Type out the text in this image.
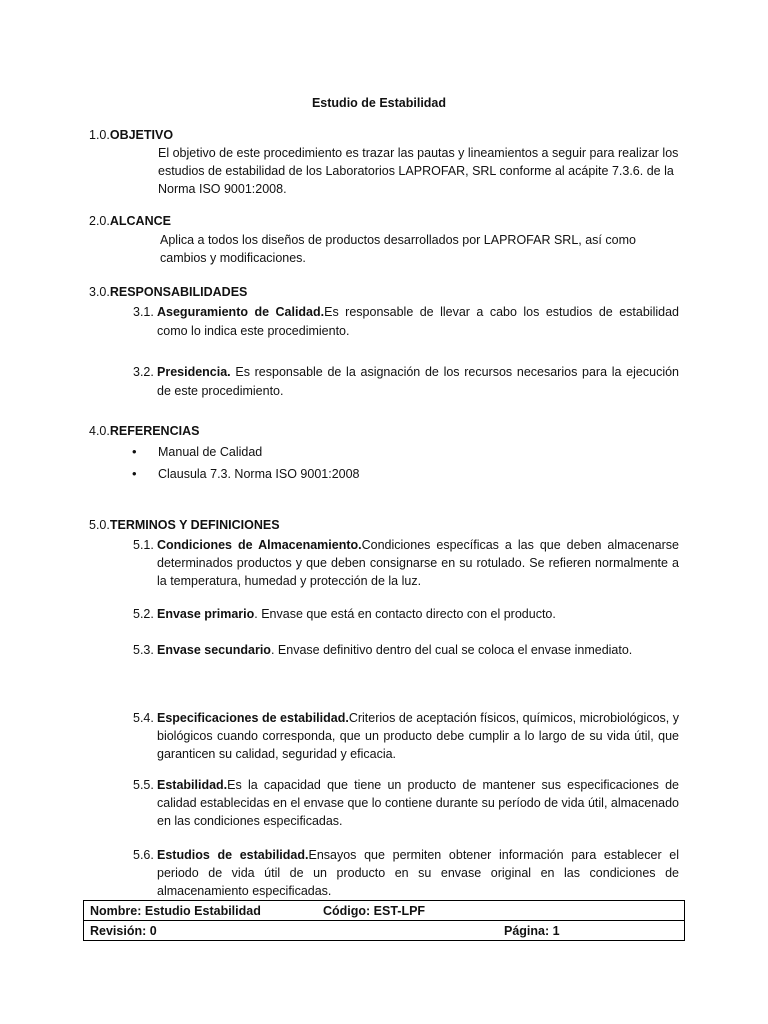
Estudio de Estabilidad
1.0.OBJETIVO
El objetivo de este procedimiento es trazar las pautas y lineamientos a seguir para realizar los estudios de estabilidad de los Laboratorios LAPROFAR, SRL conforme al acápite 7.3.6. de la Norma ISO 9001:2008.
2.0.ALCANCE
Aplica a todos los diseños de productos desarrollados por LAPROFAR SRL, así como cambios y modificaciones.
3.0.RESPONSABILIDADES
3.1. Aseguramiento de Calidad.Es responsable de llevar a cabo los estudios de estabilidad como lo indica este procedimiento.
3.2. Presidencia. Es responsable de la asignación de los recursos necesarios para la ejecución de este procedimiento.
4.0.REFERENCIAS
• Manual de Calidad
• Clausula 7.3. Norma ISO 9001:2008
5.0.TERMINOS Y DEFINICIONES
5.1. Condiciones de Almacenamiento.Condiciones específicas a las que deben almacenarse determinados productos y que deben consignarse en su rotulado. Se refieren normalmente a la temperatura, humedad y protección de la luz.
5.2. Envase primario. Envase que está en contacto directo con el producto.
5.3. Envase secundario. Envase definitivo dentro del cual se coloca el envase inmediato.
5.4. Especificaciones de estabilidad.Criterios de aceptación físicos, químicos, microbiológicos, y biológicos cuando corresponda, que un producto debe cumplir a lo largo de su vida útil, que garanticen su calidad, seguridad y eficacia.
5.5. Estabilidad.Es la capacidad que tiene un producto de mantener sus especificaciones de calidad establecidas en el envase que lo contiene durante su período de vida útil, almacenado en las condiciones especificadas.
5.6. Estudios de estabilidad.Ensayos que permiten obtener información para establecer el periodo de vida útil de un producto en su envase original en las condiciones de almacenamiento especificadas.
Nombre: Estudio Estabilidad	Código: EST-LPF

Revisión: 0	Página: 1
